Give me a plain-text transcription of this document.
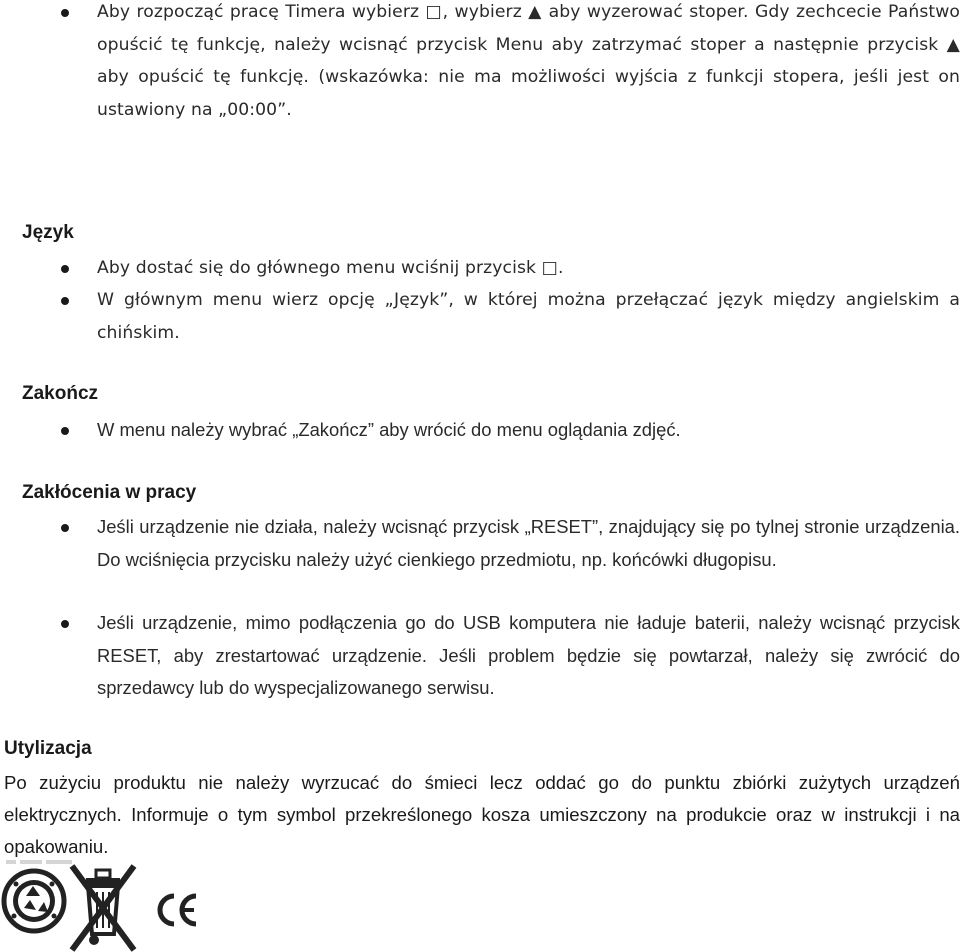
Aby rozpocząć pracę Timera wybierz □, wybierz ▲ aby wyzerować stoper. Gdy zechcecie Państwo opuścić tę funkcję, należy wcisnąć przycisk Menu aby zatrzymać stoper a następnie przycisk ▲ aby opuścić tę funkcję. (wskazówka: nie ma możliwości wyjścia z funkcji stopera, jeśli jest on ustawiony na „00:00”.
Język
Aby dostać się do głównego menu wciśnij przycisk □.
W głównym menu wierz opcję „Język”, w której można przełączać język między angielskim a chińskim.
Zakończ
W menu należy wybrać „Zakończ” aby wrócić do menu oglądania zdjęć.
Zakłócenia w pracy
Jeśli urządzenie nie działa, należy wcisnąć przycisk „RESET”, znajdujący się po tylnej stronie urządzenia. Do wciśnięcia przycisku należy użyć cienkiego przedmiotu, np. końcówki długopisu.
Jeśli urządzenie, mimo podłączenia go do USB komputera nie ładuje baterii, należy wcisnąć przycisk RESET, aby zrestartować urządzenie. Jeśli problem będzie się powtarzał, należy się zwrócić do sprzedawcy lub do wyspecjalizowanego serwisu.
Utylizacja
Po zużyciu produktu nie należy wyrzucać do śmieci lecz oddać go do punktu zbiórki zużytych urządzeń elektrycznych. Informuje o tym symbol przekreślonego kosza umieszczony na produkcie oraz w instrukcji i na opakowaniu.
